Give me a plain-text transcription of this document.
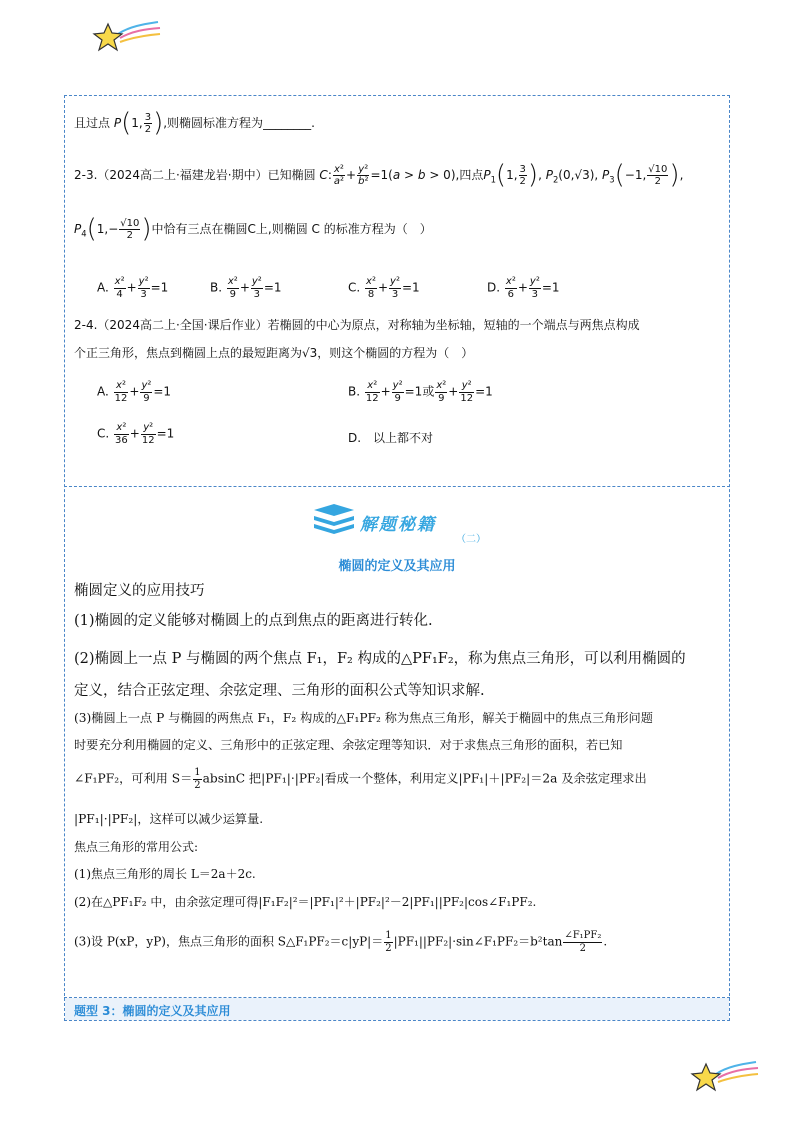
且过点 P(1, $\frac{3}{2}$ ),则椭圆标准方程为________.
2-3.（2024高二上·福建龙岩·期中）已知椭圆 C: $\frac{\text{x²}}{\text{a²}} + \frac{\text{y²}}{\text{b²}} =1(a > b > 0)$,四点$P_1(1$, $\frac{3}{2}$ ), $P_2(0,√3)$, $P_3(-1$, $\frac{√10}{2}$ ),
$P_4(1,- \frac{√10}{2}$ )中恰有三点在椭圆C上,则椭圆 C 的标准方程为（　）
A. $\frac{\text{x²}}{4} + \frac{\text{y²}}{3} =1$	B. $\frac{\text{x²}}{9} + \frac{\text{y²}}{3} =1$	C. $\frac{\text{x²}}{8} + \frac{\text{y²}}{3} =1$	D. $\frac{\text{x²}}{6} + \frac{\text{y²}}{3} =1$
2-4.（2024高二上·全国·课后作业）若椭圆的中心为原点，对称轴为坐标轴，短轴的一个端点与两焦点构成
个正三角形，焦点到椭圆上点的最短距离为√3，则这个椭圆的方程为（　）
A. $\frac{\text{x²}}{12} + \frac{\text{y²}}{9} =1$	B. $\frac{\text{x²}}{12} + \frac{\text{y²}}{9} =1$或 $\frac{\text{x²}}{9} + \frac{\text{y²}}{12} =1$
C. $\frac{\text{x²}}{36} + \frac{\text{y²}}{12} =1$	D.　以上都不对
解题秘籍
（二）
椭圆的定义及其应用
椭圆定义的应用技巧
(1)椭圆的定义能够对椭圆上的点到焦点的距离进行转化.
(2)椭圆上一点 P 与椭圆的两个焦点 F₁，F₂ 构成的△PF₁F₂，称为焦点三角形，可以利用椭圆的
定义，结合正弦定理、余弦定理、三角形的面积公式等知识求解.
(3)椭圆上一点 P 与椭圆的两焦点 F₁，F₂ 构成的△F₁PF₂ 称为焦点三角形，解关于椭圆中的焦点三角形问题
时要充分利用椭圆的定义、三角形中的正弦定理、余弦定理等知识．对于求焦点三角形的面积，若已知
∠F₁PF₂，可利用 $S= \frac{1}{2}$ absinC 把|PF₁|·|PF₂|看成一个整体，利用定义|PF₁|＋|PF₂|＝2a 及余弦定理求出
|PF₁|·|PF₂|，这样可以减少运算量.
焦点三角形的常用公式:
(1)焦点三角形的周长 L＝2a＋2c.
(2)在△PF₁F₂ 中，由余弦定理可得|F₁F₂|²＝|PF₁|²＋|PF₂|²－2|PF₁||PF₂|cos∠F₁PF₂.
(3)设 P(xP，yP)，焦点三角形的面积 S△F₁PF₂＝c|yP|＝ $\frac{1}{2}$ |PF₁||PF₂|·sin∠F₁PF₂＝b²tan $\frac{\text{∠F₁PF₂}}{2}$ .
题型 3：椭圆的定义及其应用
